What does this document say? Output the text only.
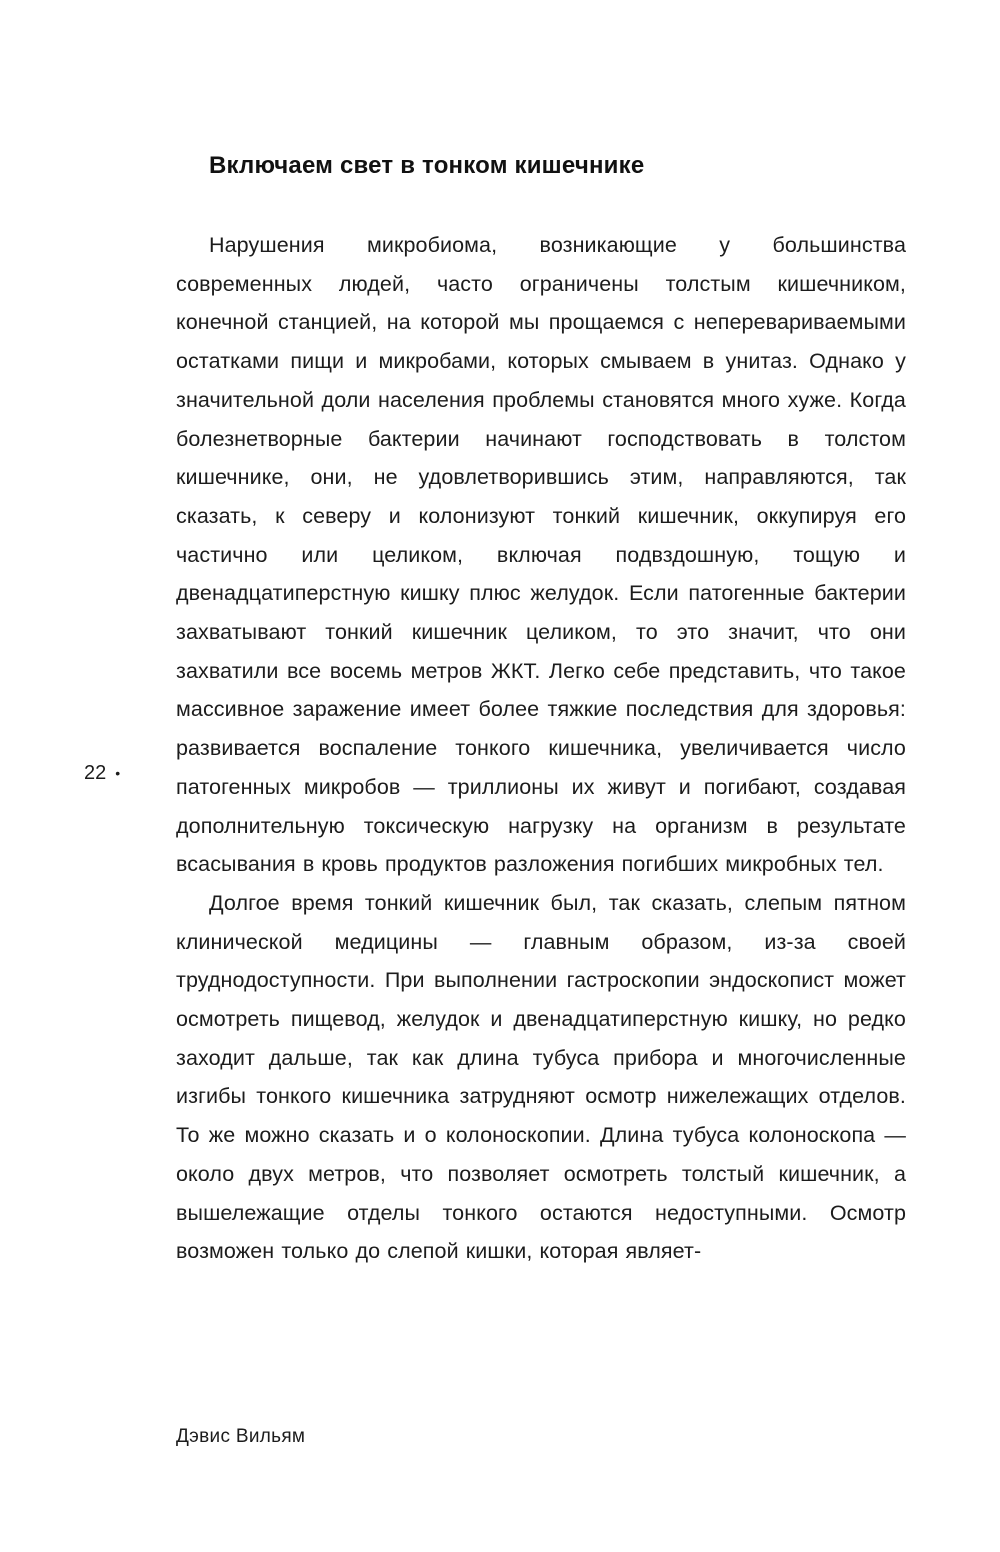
22 •
Включаем свет в тонком кишечнике

Нарушения микробиома, возникающие у большинства современных людей, часто ограничены толстым кишечником, конечной станцией, на которой мы прощаемся с неперевариваемыми остатками пищи и микробами, которых смываем в унитаз. Однако у значительной доли населения проблемы становятся много хуже. Когда болезнетворные бактерии начинают господствовать в толстом кишечнике, они, не удовлетворившись этим, направляются, так сказать, к северу и колонизуют тонкий кишечник, оккупируя его частично или целиком, включая подвздошную, тощую и двенадцатиперстную кишку плюс желудок. Если патогенные бактерии захватывают тонкий кишечник целиком, то это значит, что они захватили все восемь метров ЖКТ. Легко себе представить, что такое массивное заражение имеет более тяжкие последствия для здоровья: развивается воспаление тонкого кишечника, увеличивается число патогенных микробов — триллионы их живут и погибают, создавая дополнительную токсическую нагрузку на организм в результате всасывания в кровь продуктов разложения погибших микробных тел.

Долгое время тонкий кишечник был, так сказать, слепым пятном клинической медицины — главным образом, из-за своей труднодоступности. При выполнении гастроскопии эндоскопист может осмотреть пищевод, желудок и двенадцатиперстную кишку, но редко заходит дальше, так как длина тубуса прибора и многочисленные изгибы тонкого кишечника затрудняют осмотр нижележащих отделов. То же можно сказать и о колоноскопии. Длина тубуса колоноскопа — около двух метров, что позволяет осмотреть толстый кишечник, а вышележащие отделы тонкого остаются недоступными. Осмотр возможен только до слепой кишки, которая являет-

Дэвис Вильям
